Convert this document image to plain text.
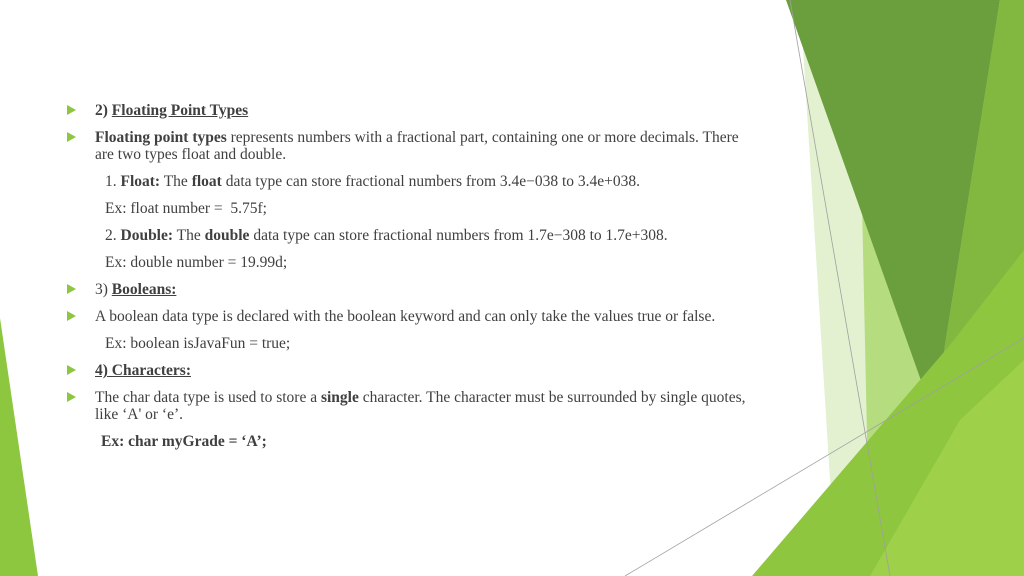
2) Floating Point Types
Floating point types represents numbers with a fractional part, containing one or more decimals. There
are two types float and double.
1. Float: The float data type can store fractional numbers from 3.4e−038 to 3.4e+038.
Ex: float number =  5.75f;
2. Double: The double data type can store fractional numbers from 1.7e−308 to 1.7e+308.
Ex: double number = 19.99d;
3) Booleans:
A boolean data type is declared with the boolean keyword and can only take the values true or false.
Ex: boolean isJavaFun = true;
4) Characters:
The char data type is used to store a single character. The character must be surrounded by single quotes,
like ‘A' or ‘e’.
Ex: char myGrade = ‘A’;
